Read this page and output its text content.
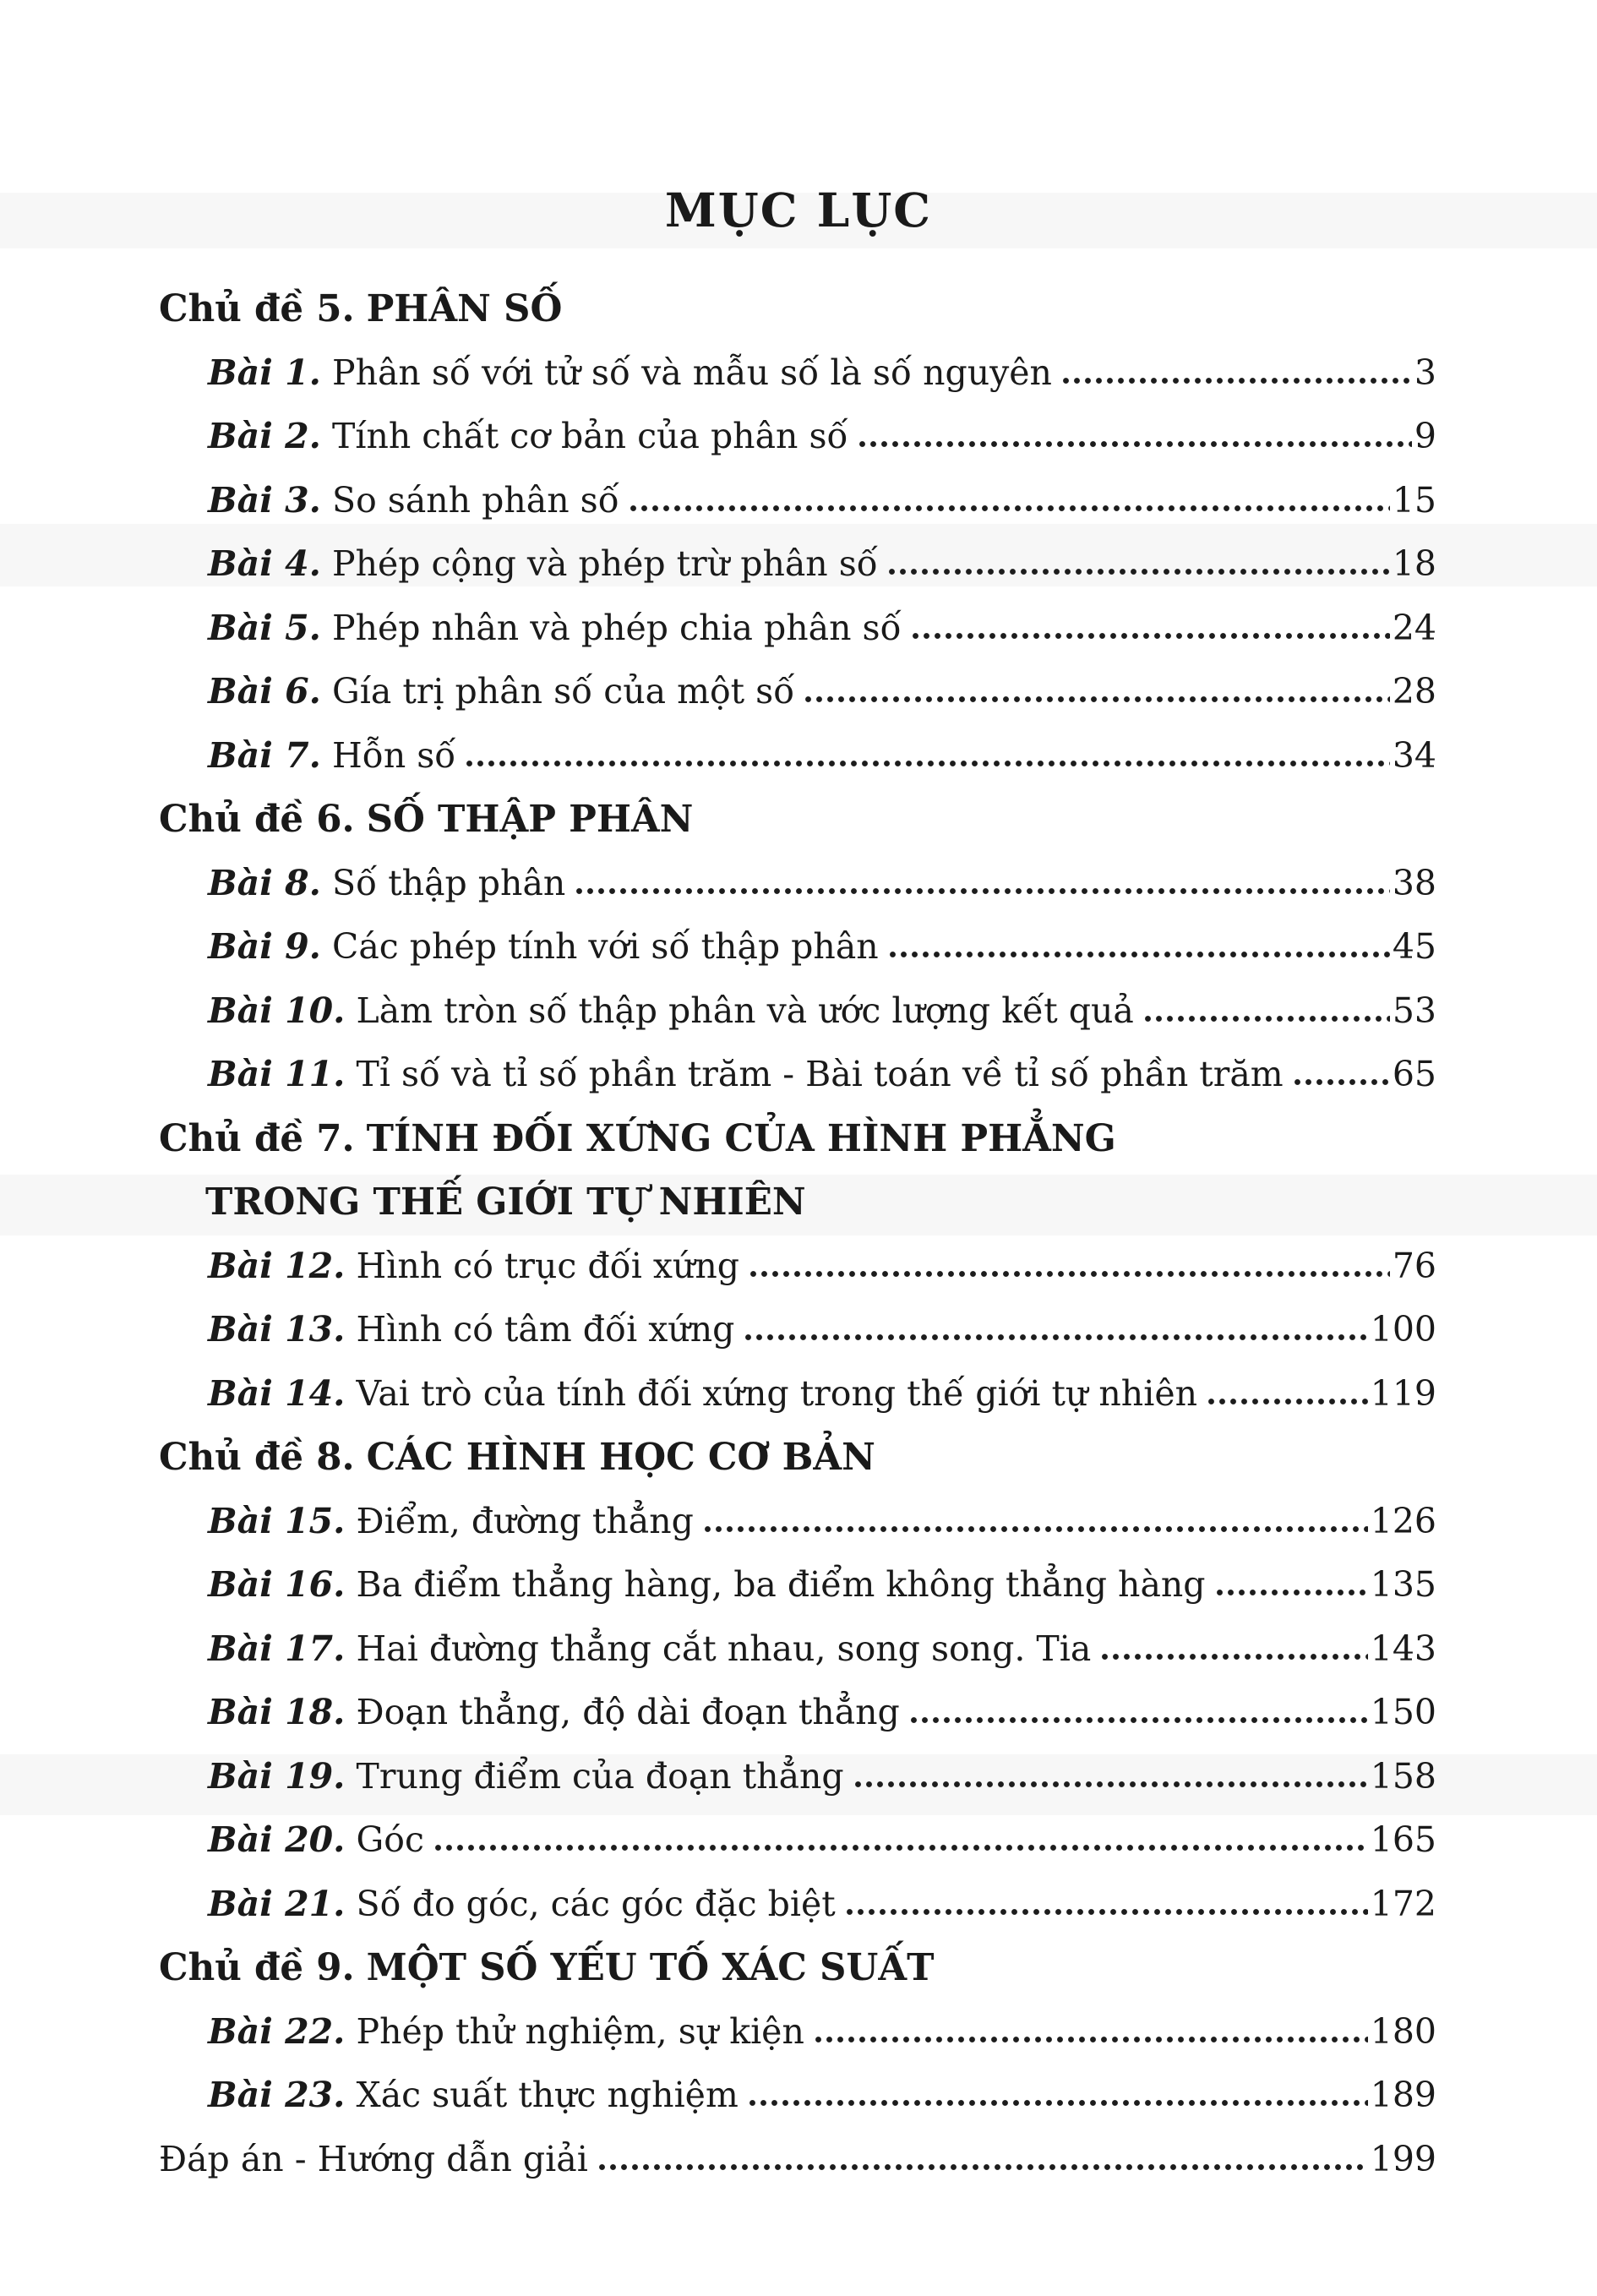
MỤC LỤC
Chủ đề 5. PHÂN SỐ
Bài 1. Phân số với tử số và mẫu số là số nguyên	3
Bài 2. Tính chất cơ bản của phân số	9
Bài 3. So sánh phân số	15
Bài 4. Phép cộng và phép trừ phân số	18
Bài 5. Phép nhân và phép chia phân số	24
Bài 6. Gía trị phân số của một số	28
Bài 7. Hỗn số	34
Chủ đề 6. SỐ THẬP PHÂN
Bài 8. Số thập phân	38
Bài 9. Các phép tính với số thập phân	45
Bài 10. Làm tròn số thập phân và ước lượng kết quả	53
Bài 11. Tỉ số và tỉ số phần trăm - Bài toán về tỉ số phần trăm	65
Chủ đề 7. TÍNH ĐỐI XỨNG CỦA HÌNH PHẲNG
TRONG THẾ GIỚI TỰ NHIÊN
Bài 12. Hình có trục đối xứng	76
Bài 13. Hình có tâm đối xứng	100
Bài 14. Vai trò của tính đối xứng trong thế giới tự nhiên	119
Chủ đề 8. CÁC HÌNH HỌC CƠ BẢN
Bài 15. Điểm, đường thẳng	126
Bài 16. Ba điểm thẳng hàng, ba điểm không thẳng hàng	135
Bài 17. Hai đường thẳng cắt nhau, song song. Tia	143
Bài 18. Đoạn thẳng, độ dài đoạn thẳng	150
Bài 19. Trung điểm của đoạn thẳng	158
Bài 20. Góc	165
Bài 21. Số đo góc, các góc đặc biệt	172
Chủ đề 9. MỘT SỐ YẾU TỐ XÁC SUẤT
Bài 22. Phép thử nghiệm, sự kiện	180
Bài 23. Xác suất thực nghiệm	189
Đáp án - Hướng dẫn giải	199
